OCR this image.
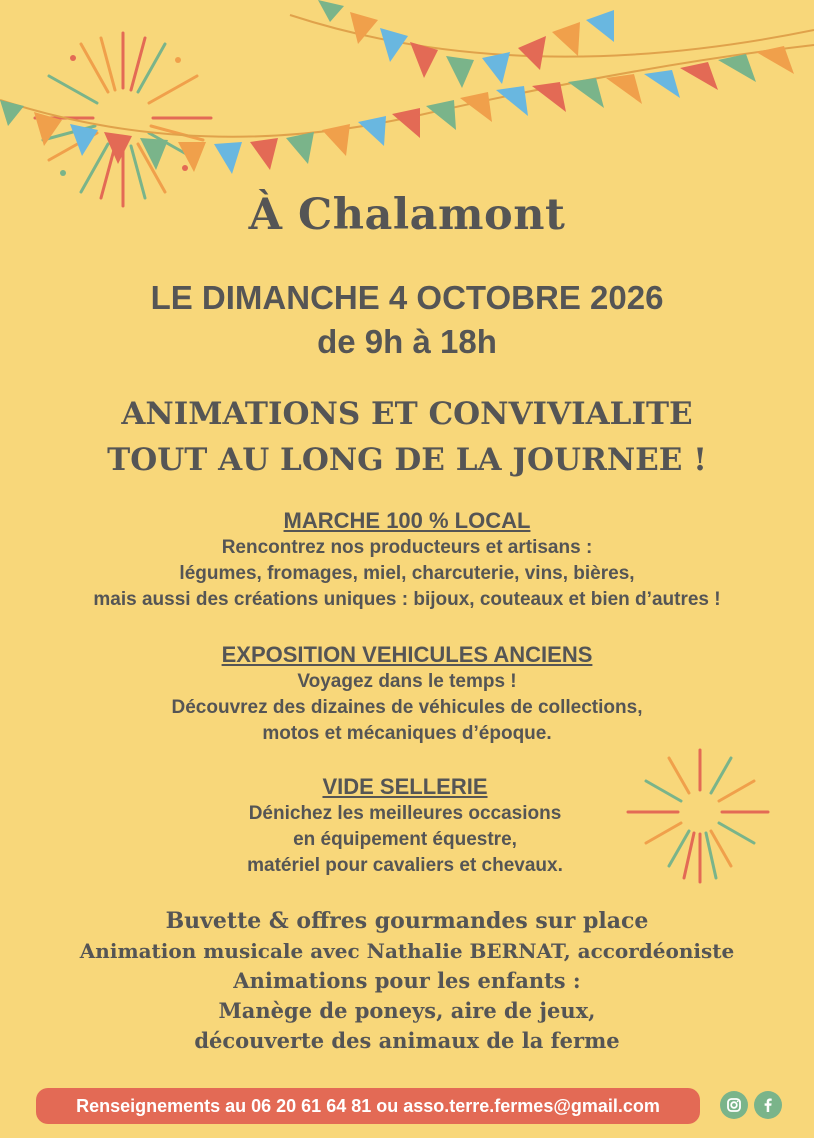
À Chalamont
LE DIMANCHE 4 OCTOBRE 2026
de 9h à 18h
ANIMATIONS ET CONVIVIALITE
TOUT AU LONG DE LA JOURNEE !
MARCHE 100 % LOCAL
Rencontrez nos producteurs et artisans :
légumes, fromages, miel, charcuterie, vins, bières,
mais aussi des créations uniques : bijoux, couteaux et bien d’autres !
EXPOSITION VEHICULES ANCIENS
Voyagez dans le temps !
Découvrez des dizaines de véhicules de collections,
motos et mécaniques d’époque.
VIDE SELLERIE
Dénichez les meilleures occasions
en équipement équestre,
matériel pour cavaliers et chevaux.
Buvette & offres gourmandes sur place
Animation musicale avec Nathalie BERNAT, accordéoniste
Animations pour les enfants :
Manège de poneys, aire de jeux,
découverte des animaux de la ferme
Renseignements au 06 20 61 64 81 ou asso.terre.fermes@gmail.com
